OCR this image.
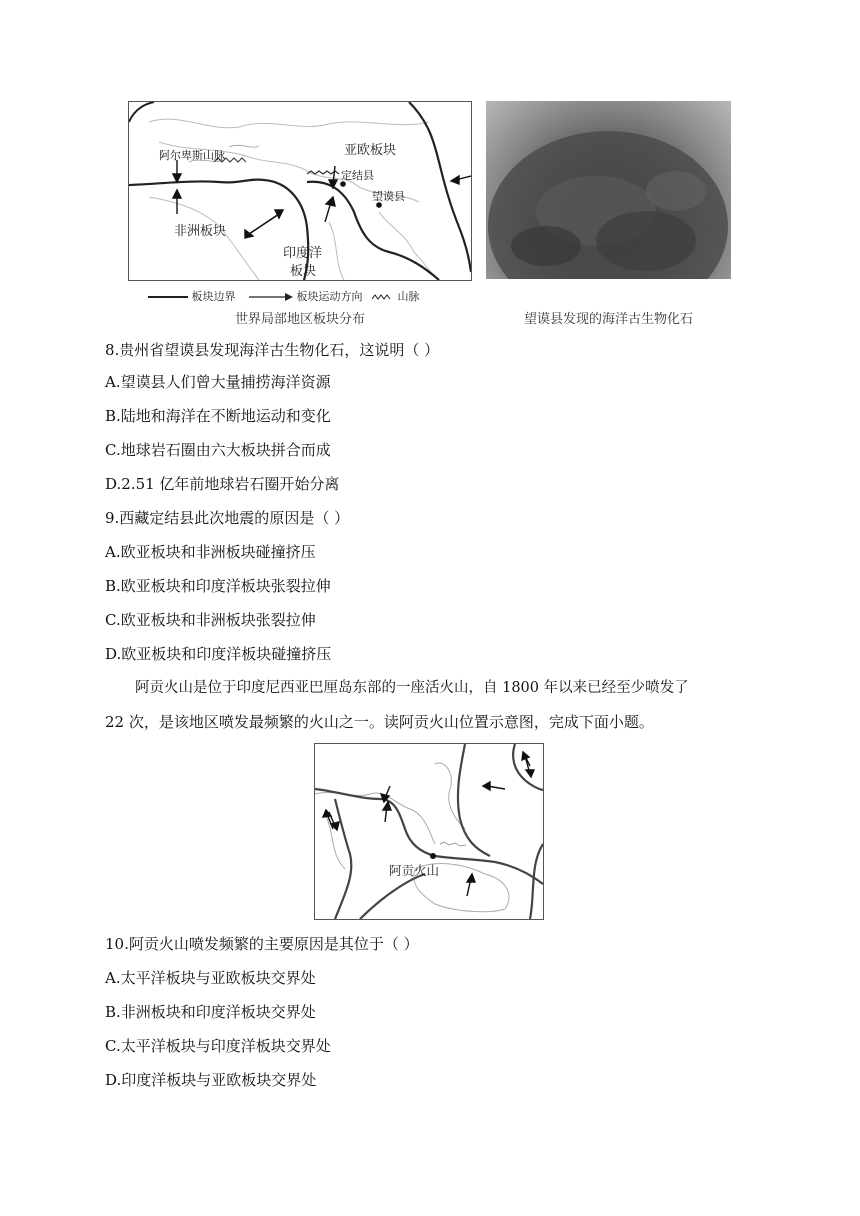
亚欧板块
非洲板块
印度洋
板块
阿尔卑斯山脉
定结县
望谟县
板块边界	板块运动方向	山脉
世界局部地区板块分布	望谟县发现的海洋古生物化石
8.贵州省望谟县发现海洋古生物化石，这说明（ ）
A.望谟县人们曾大量捕捞海洋资源
B.陆地和海洋在不断地运动和变化
C.地球岩石圈由六大板块拼合而成
D.2.51 亿年前地球岩石圈开始分离
9.西藏定结县此次地震的原因是（ ）
A.欧亚板块和非洲板块碰撞挤压
B.欧亚板块和印度洋板块张裂拉伸
C.欧亚板块和非洲板块张裂拉伸
D.欧亚板块和印度洋板块碰撞挤压
阿贡火山是位于印度尼西亚巴厘岛东部的一座活火山，自 1800 年以来已经至少喷发了
22 次，是该地区喷发最频繁的火山之一。读阿贡火山位置示意图，完成下面小题。
阿贡火山
10.阿贡火山喷发频繁的主要原因是其位于（ ）
A.太平洋板块与亚欧板块交界处
B.非洲板块和印度洋板块交界处
C.太平洋板块与印度洋板块交界处
D.印度洋板块与亚欧板块交界处
